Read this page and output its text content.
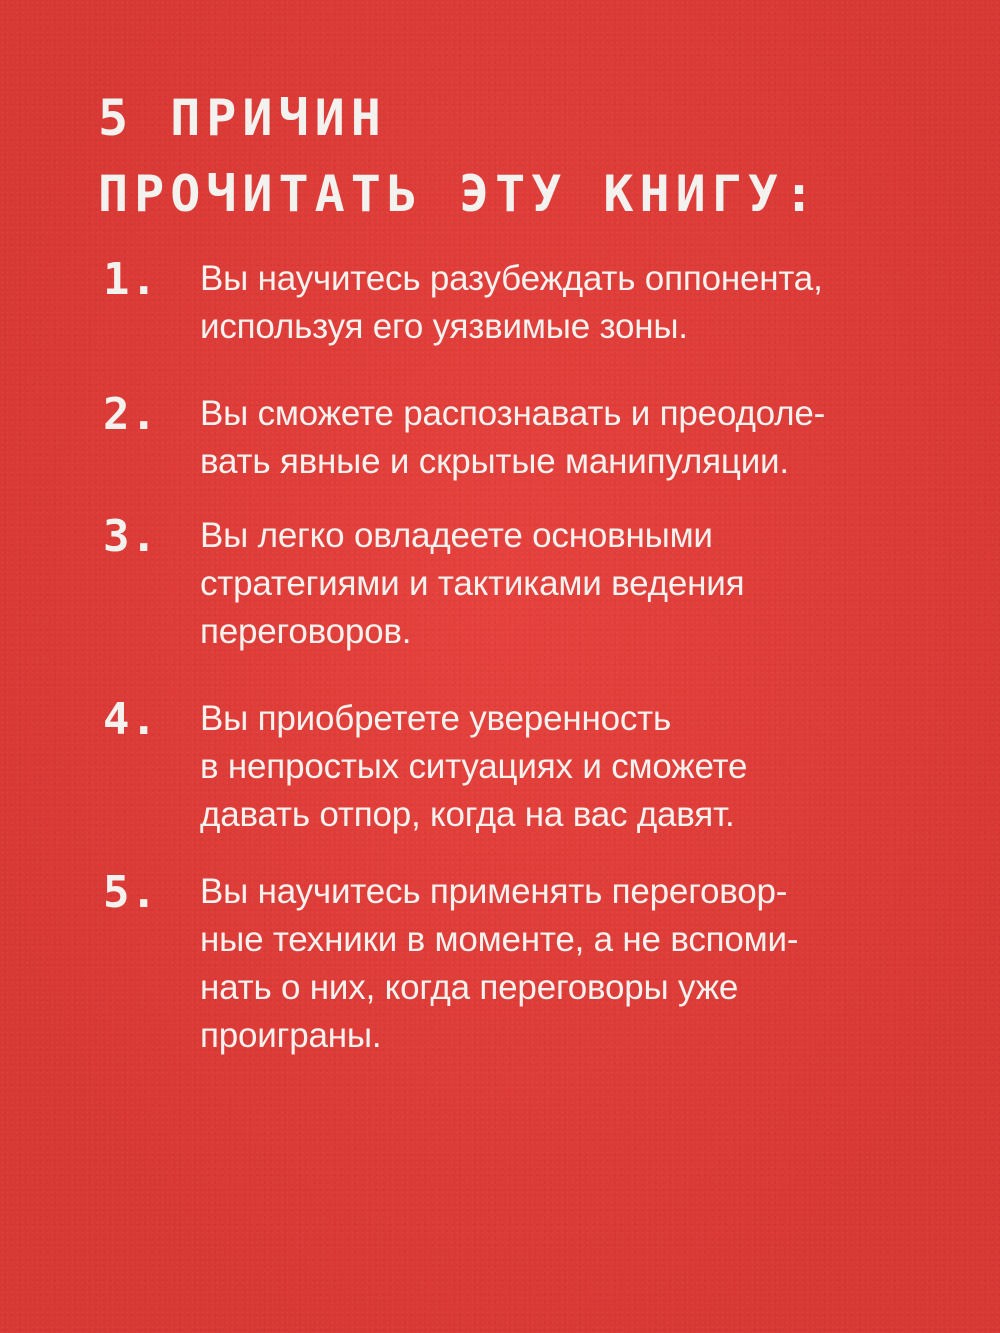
5 ПРИЧИН
ПРОЧИТАТЬ ЭТУ КНИГУ:
1. Вы научитесь разубеждать оппонента,
используя его уязвимые зоны.
2. Вы сможете распознавать и преодоле-
вать явные и скрытые манипуляции.
3. Вы легко овладеете основными
стратегиями и тактиками ведения
переговоров.
4. Вы приобретете уверенность
в непростых ситуациях и сможете
давать отпор, когда на вас давят.
5. Вы научитесь применять переговор-
ные техники в моменте, а не вспоми-
нать о них, когда переговоры уже
проиграны.
